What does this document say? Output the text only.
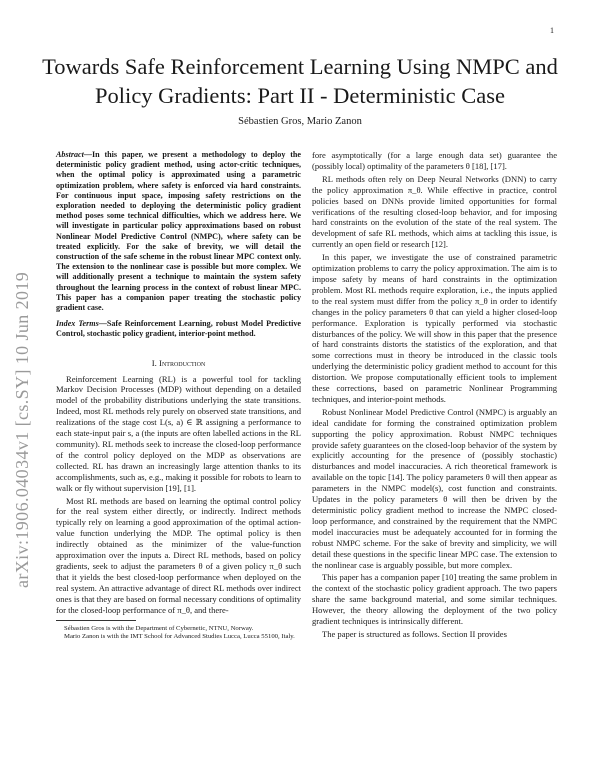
1
arXiv:1906.04034v1 [cs.SY] 10 Jun 2019
Towards Safe Reinforcement Learning Using NMPC and Policy Gradients: Part II - Deterministic Case
Sébastien Gros, Mario Zanon
Abstract—In this paper, we present a methodology to deploy the deterministic policy gradient method, using actor-critic techniques, when the optimal policy is approximated using a parametric optimization problem, where safety is enforced via hard constraints. For continuous input space, imposing safety restrictions on the exploration needed to deploying the deterministic policy gradient method poses some technical difficulties, which we address here. We will investigate in particular policy approximations based on robust Nonlinear Model Predictive Control (NMPC), where safety can be treated explicitly. For the sake of brevity, we will detail the construction of the safe scheme in the robust linear MPC context only. The extension to the nonlinear case is possible but more complex. We will additionally present a technique to maintain the system safety throughout the learning process in the context of robust linear MPC. This paper has a companion paper treating the stochastic policy gradient case.
Index Terms—Safe Reinforcement Learning, robust Model Predictive Control, stochastic policy gradient, interior-point method.
I. Introduction

Reinforcement Learning (RL) is a powerful tool for tackling Markov Decision Processes (MDP) without depending on a detailed model of the probability distributions underlying the state transitions. Indeed, most RL methods rely purely on observed state transitions, and realizations of the stage cost L(s, a) ∈ ℝ assigning a performance to each state-input pair s, a (the inputs are often labelled actions in the RL community). RL methods seek to increase the closed-loop performance of the control policy deployed on the MDP as observations are collected. RL has drawn an increasingly large attention thanks to its accomplishments, such as, e.g., making it possible for robots to learn to walk or fly without supervision [19], [1].

Most RL methods are based on learning the optimal control policy for the real system either directly, or indirectly. Indirect methods typically rely on learning a good approximation of the optimal action-value function underlying the MDP. The optimal policy is then indirectly obtained as the minimizer of the value-function approximation over the inputs a. Direct RL methods, based on policy gradients, seek to adjust the parameters θ of a given policy π_θ such that it yields the best closed-loop performance when deployed on the real system. An attractive advantage of direct RL methods over indirect ones is that they are based on formal necessary conditions of optimality for the closed-loop performance of π_θ, and there-

Sébastien Gros is with the Department of Cybernetic, NTNU, Norway.

Mario Zanon is with the IMT School for Advanced Studies Lucca, Lucca 55100, Italy.

fore asymptotically (for a large enough data set) guarantee the (possibly local) optimality of the parameters θ [18], [17].

RL methods often rely on Deep Neural Networks (DNN) to carry the policy approximation π_θ. While effective in practice, control policies based on DNNs provide limited opportunities for formal verifications of the resulting closed-loop behavior, and for imposing hard constraints on the evolution of the state of the real system. The development of safe RL methods, which aims at tackling this issue, is currently an open field or research [12].

In this paper, we investigate the use of constrained parametric optimization problems to carry the policy approximation. The aim is to impose safety by means of hard constraints in the optimization problem. Most RL methods require exploration, i.e., the inputs applied to the real system must differ from the policy π_θ in order to identify changes in the policy parameters θ that can yield a higher closed-loop performance. Exploration is typically performed via stochastic disturbances of the policy. We will show in this paper that the presence of hard constraints distorts the statistics of the exploration, and that some corrections must in theory be introduced in the classic tools underlying the deterministic policy gradient method to account for this distortion. We propose computationally efficient tools to implement these corrections, based on parametric Nonlinear Programming techniques, and interior-point methods.

Robust Nonlinear Model Predictive Control (NMPC) is arguably an ideal candidate for forming the constrained optimization problem supporting the policy approximation. Robust NMPC techniques provide safety guarantees on the closed-loop behavior of the system by explicitly accounting for the presence of (possibly stochastic) disturbances and model inaccuracies. A rich theoretical framework is available on the topic [14]. The policy parameters θ will then appear as parameters in the NMPC model(s), cost function and constraints. Updates in the policy parameters θ will then be driven by the deterministic policy gradient method to increase the NMPC closed-loop performance, and constrained by the requirement that the NMPC model inaccuracies must be adequately accounted for in forming the robust NMPC scheme. For the sake of brevity and simplicity, we will detail these questions in the specific linear MPC case. The extension to the nonlinear case is arguably possible, but more complex.

This paper has a companion paper [10] treating the same problem in the context of the stochastic policy gradient approach. The two papers share the same background material, and some similar techniques. However, the theory allowing the deployment of the two policy gradient techniques is intrinsically different.

The paper is structured as follows. Section II provides
